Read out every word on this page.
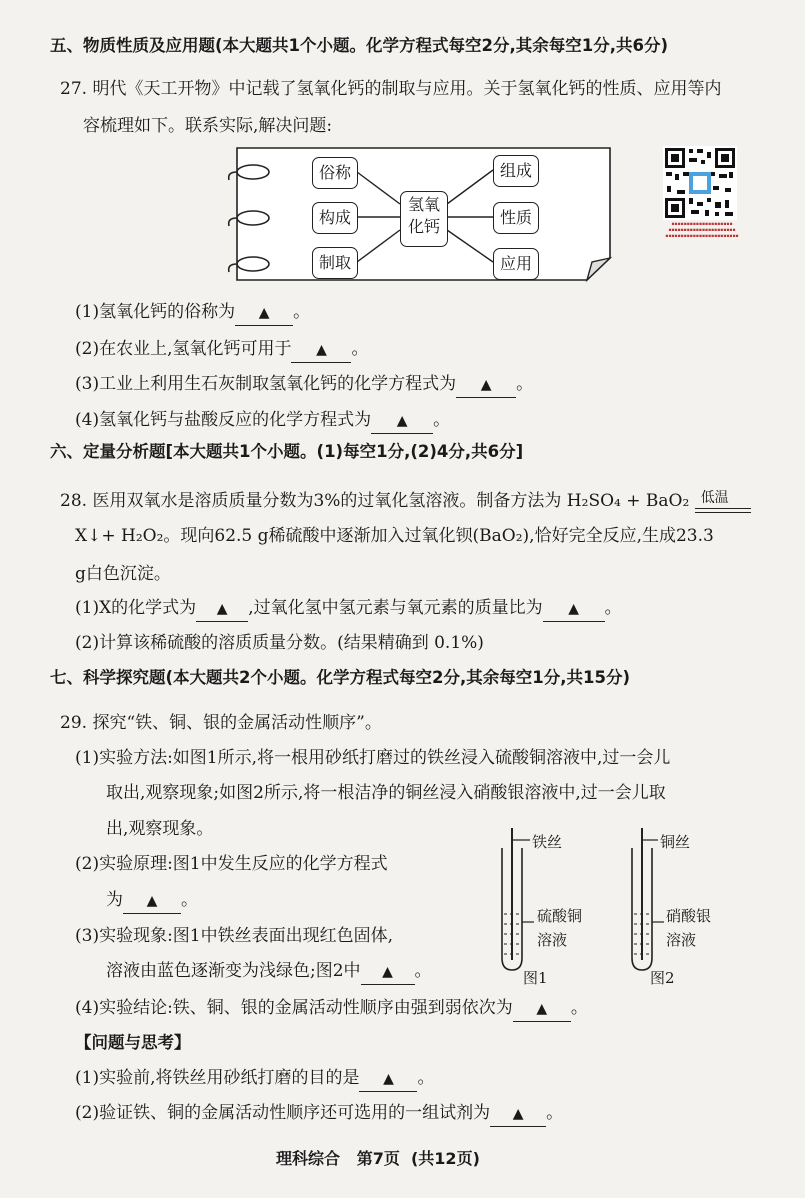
五、物质性质及应用题(本大题共1个小题。化学方程式每空2分,其余每空1分,共6分)
27. 明代《天工开物》中记载了氢氧化钙的制取与应用。关于氢氧化钙的性质、应用等内
容梳理如下。联系实际,解决问题:
俗称
构成
制取
氢氧
化钙
组成
性质
应用
▪▪▪▪▪▪▪▪▪▪▪▪▪▪▪▪▪▪▪▪
▪▪▪▪▪▪▪▪▪▪▪▪▪▪▪▪▪▪▪▪▪▪
▪▪▪▪▪▪▪▪▪▪▪▪▪▪▪▪▪▪▪▪▪▪▪▪
(1)氢氧化钙的俗称为 ▲ 。
(2)在农业上,氢氧化钙可用于 ▲ 。
(3)工业上利用生石灰制取氢氧化钙的化学方程式为 ▲ 。
(4)氢氧化钙与盐酸反应的化学方程式为 ▲ 。
六、定量分析题[本大题共1个小题。(1)每空1分,(2)4分,共6分]
28. 医用双氧水是溶质质量分数为3%的过氧化氢溶液。制备方法为 H₂SO₄ + BaO₂ 低温
X↓+ H₂O₂。现向62.5 g稀硫酸中逐渐加入过氧化钡(BaO₂),恰好完全反应,生成23.3
g白色沉淀。
(1)X的化学式为 ▲ ,过氧化氢中氢元素与氧元素的质量比为 ▲ 。
(2)计算该稀硫酸的溶质质量分数。(结果精确到 0.1%)
七、科学探究题(本大题共2个小题。化学方程式每空2分,其余每空1分,共15分)
29. 探究“铁、铜、银的金属活动性顺序”。
(1)实验方法:如图1所示,将一根用砂纸打磨过的铁丝浸入硫酸铜溶液中,过一会儿
取出,观察现象;如图2所示,将一根洁净的铜丝浸入硝酸银溶液中,过一会儿取
出,观察现象。
(2)实验原理:图1中发生反应的化学方程式
为 ▲ 。
(3)实验现象:图1中铁丝表面出现红色固体,
溶液由蓝色逐渐变为浅绿色;图2中 ▲ 。
铁丝
硫酸铜
溶液
图1
铜丝
硝酸银
溶液
图2
(4)实验结论:铁、铜、银的金属活动性顺序由强到弱依次为 ▲ 。
【问题与思考】
(1)实验前,将铁丝用砂纸打磨的目的是 ▲ 。
(2)验证铁、铜的金属活动性顺序还可选用的一组试剂为 ▲ 。
理科综合   第7页  (共12页)
